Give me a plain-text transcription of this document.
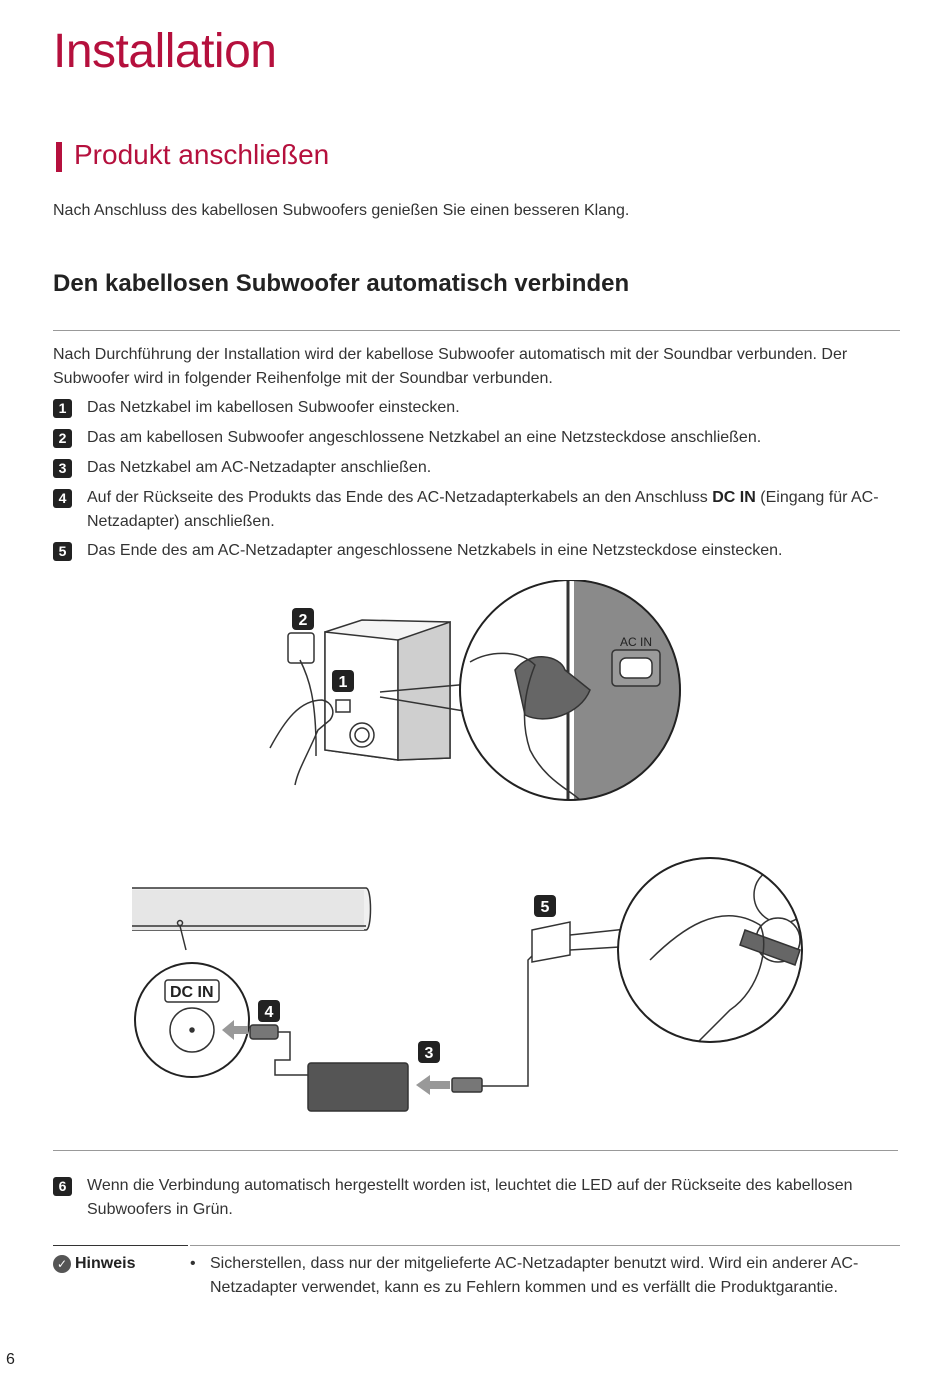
Installation
Produkt anschließen
Nach Anschluss des kabellosen Subwoofers genießen Sie einen besseren Klang.
Den kabellosen Subwoofer automatisch verbinden
Nach Durchführung der Installation wird der kabellose Subwoofer automatisch mit der Soundbar verbunden. Der Subwoofer wird in folgender Reihenfolge mit der Soundbar verbunden.
1	Das Netzkabel im kabellosen Subwoofer einstecken.
2	Das am kabellosen Subwoofer angeschlossene Netzkabel an eine Netzsteckdose anschließen.
3	Das Netzkabel am AC-Netzadapter anschließen.
4	Auf der Rückseite des Produkts das Ende des AC-Netzadapterkabels an den Anschluss DC IN (Eingang für AC-Netzadapter) anschließen.
5	Das Ende des am AC-Netzadapter angeschlossene Netzkabels in eine Netzsteckdose einstecken.
AC IN
DC IN
2
1
5
4
3
6	Wenn die Verbindung automatisch hergestellt worden ist, leuchtet die LED auf der Rückseite des kabellosen Subwoofers in Grün.
✓ Hinweis	• Sicherstellen, dass nur der mitgelieferte AC-Netzadapter benutzt wird. Wird ein anderer AC-Netzadapter verwendet, kann es zu Fehlern kommen und es verfällt die Produktgarantie.
6
